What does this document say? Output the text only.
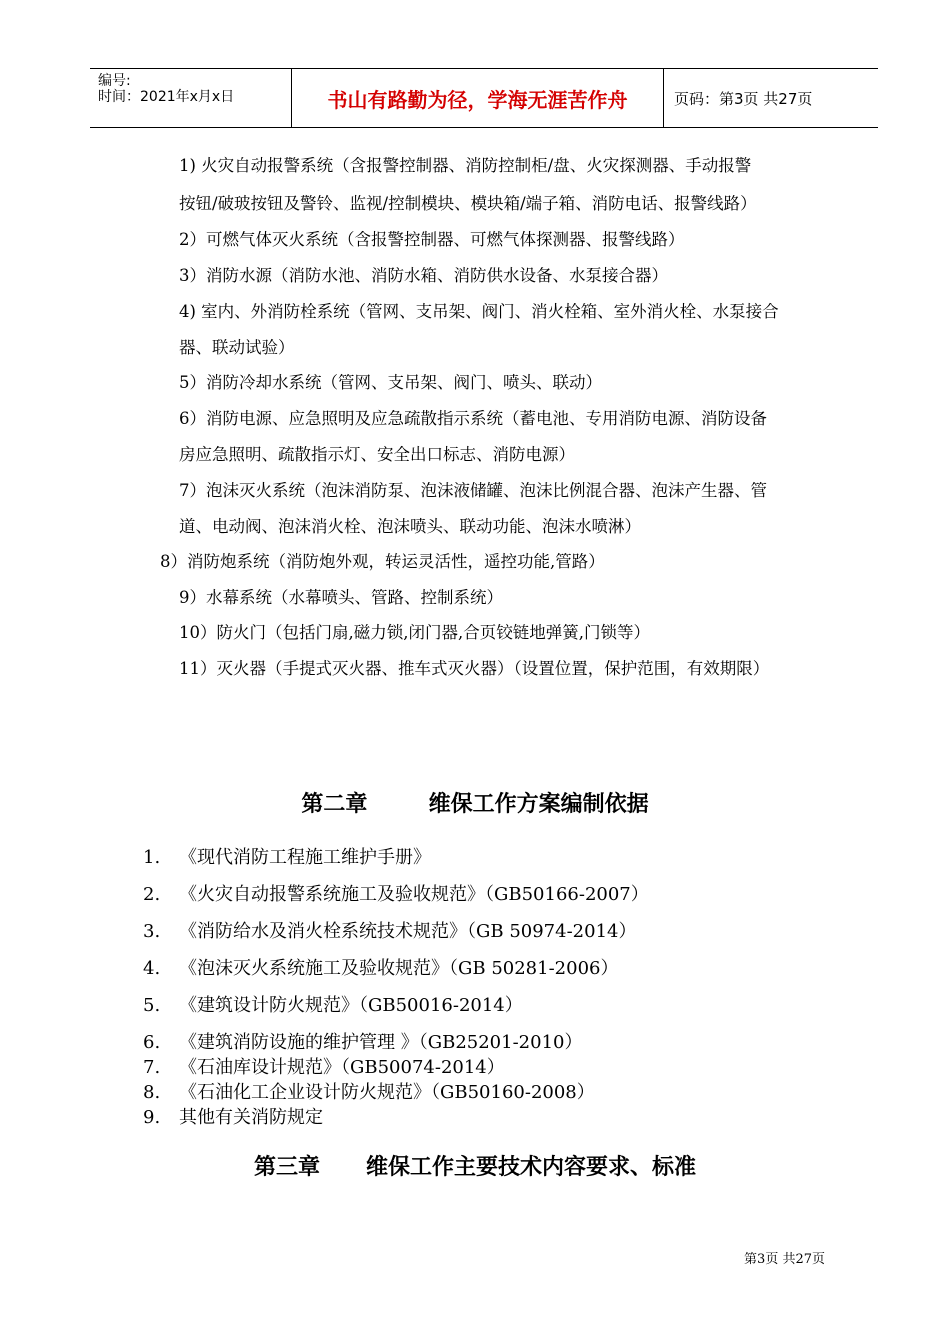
编号:
时间：2021年x月x日	书山有路勤为径，学海无涯苦作舟	页码：第3页 共27页
1) 火灾自动报警系统（含报警控制器、消防控制柜/盘、火灾探测器、手动报警
按钮/破玻按钮及警铃、监视/控制模块、模块箱/端子箱、消防电话、报警线路）
2）可燃气体灭火系统（含报警控制器、可燃气体探测器、报警线路）
3）消防水源（消防水池、消防水箱、消防供水设备、水泵接合器）
4) 室内、外消防栓系统（管网、支吊架、阀门、消火栓箱、室外消火栓、水泵接合
器、联动试验）
5）消防冷却水系统（管网、支吊架、阀门、喷头、联动）
6）消防电源、应急照明及应急疏散指示系统（蓄电池、专用消防电源、消防设备
房应急照明、疏散指示灯、安全出口标志、消防电源）
7）泡沫灭火系统（泡沫消防泵、泡沫液储罐、泡沫比例混合器、泡沫产生器、管
道、电动阀、泡沫消火栓、泡沫喷头、联动功能、泡沫水喷淋）
8）消防炮系统（消防炮外观，转运灵活性，遥控功能,管路）
9）水幕系统（水幕喷头、管路、控制系统）
10）防火门（包括门扇,磁力锁,闭门器,合页铰链地弹簧,门锁等）
11）灭火器（手提式灭火器、推车式灭火器）（设置位置，保护范围，有效期限）
第二章        维保工作方案编制依据
1. 《现代消防工程施工维护手册》
2. 《火灾自动报警系统施工及验收规范》（GB50166-2007）
3. 《消防给水及消火栓系统技术规范》（GB 50974-2014）
4. 《泡沫灭火系统施工及验收规范》（GB 50281-2006）
5. 《建筑设计防火规范》（GB50016-2014）
6. 《建筑消防设施的维护管理 》（GB25201-2010）
7. 《石油库设计规范》（GB50074-2014）
8. 《石油化工企业设计防火规范》（GB50160-2008）
9. 其他有关消防规定
第三章      维保工作主要技术内容要求、标准
第3页 共27页
